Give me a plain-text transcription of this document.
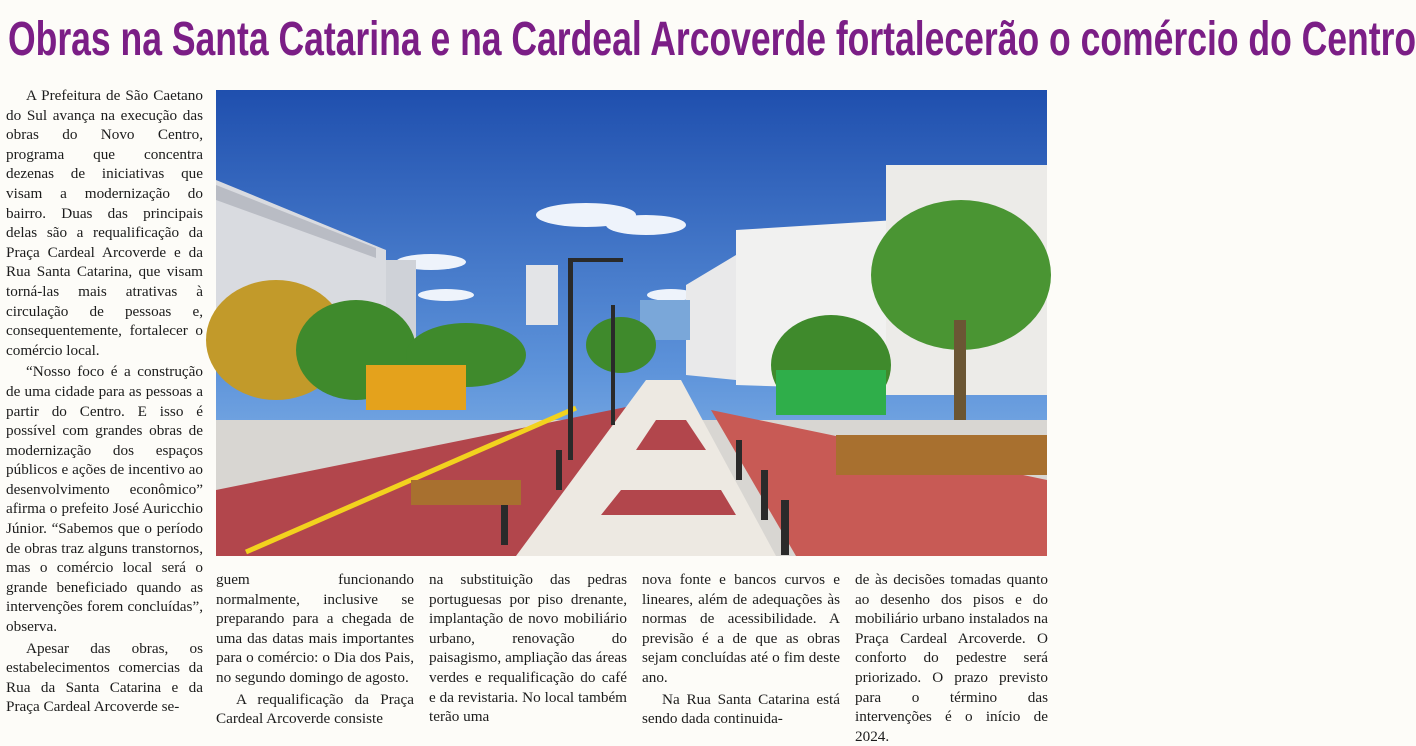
Obras na Santa Catarina e na Cardeal Arcoverde fortalecerão o comércio do Centro

A Prefeitura de São Caetano do Sul avança na execução das obras do Novo Centro, programa que concentra dezenas de iniciativas que visam a modernização do bairro. Duas das principais delas são a requalificação da Praça Cardeal Arcoverde e da Rua Santa Catarina, que visam torná-las mais atrativas à circulação de pessoas e, consequentemente, fortalecer o comércio local.

“Nosso foco é a construção de uma cidade para as pessoas a partir do Centro. E isso é possível com grandes obras de modernização dos espaços públicos e ações de incentivo ao desenvolvimento econômico” afirma o prefeito José Auricchio Júnior. “Sabemos que o período de obras traz alguns transtornos, mas o comércio local será o grande beneficiado quando as intervenções forem concluídas”, observa.

Apesar das obras, os estabelecimentos comercias da Rua da Santa Catarina e da Praça Cardeal Arcoverde se-

guem funcionando normalmente, inclusive se preparando para a chegada de uma das datas mais importantes para o comércio: o Dia dos Pais, no segundo domingo de agosto.

A requalificação da Praça Cardeal Arcoverde consiste

na substituição das pedras portuguesas por piso drenante, implantação de novo mobiliário urbano, renovação do paisagismo, ampliação das áreas verdes e requalificação do café e da revistaria. No local também terão uma

nova fonte e bancos curvos e lineares, além de adequações às normas de acessibilidade. A previsão é a de que as obras sejam concluídas até o fim deste ano.

Na Rua Santa Catarina está sendo dada continuida-

de às decisões tomadas quanto ao desenho dos pisos e do mobiliário urbano instalados na Praça Cardeal Arcoverde. O conforto do pedestre será priorizado. O prazo previsto para o término das intervenções é o início de 2024.
